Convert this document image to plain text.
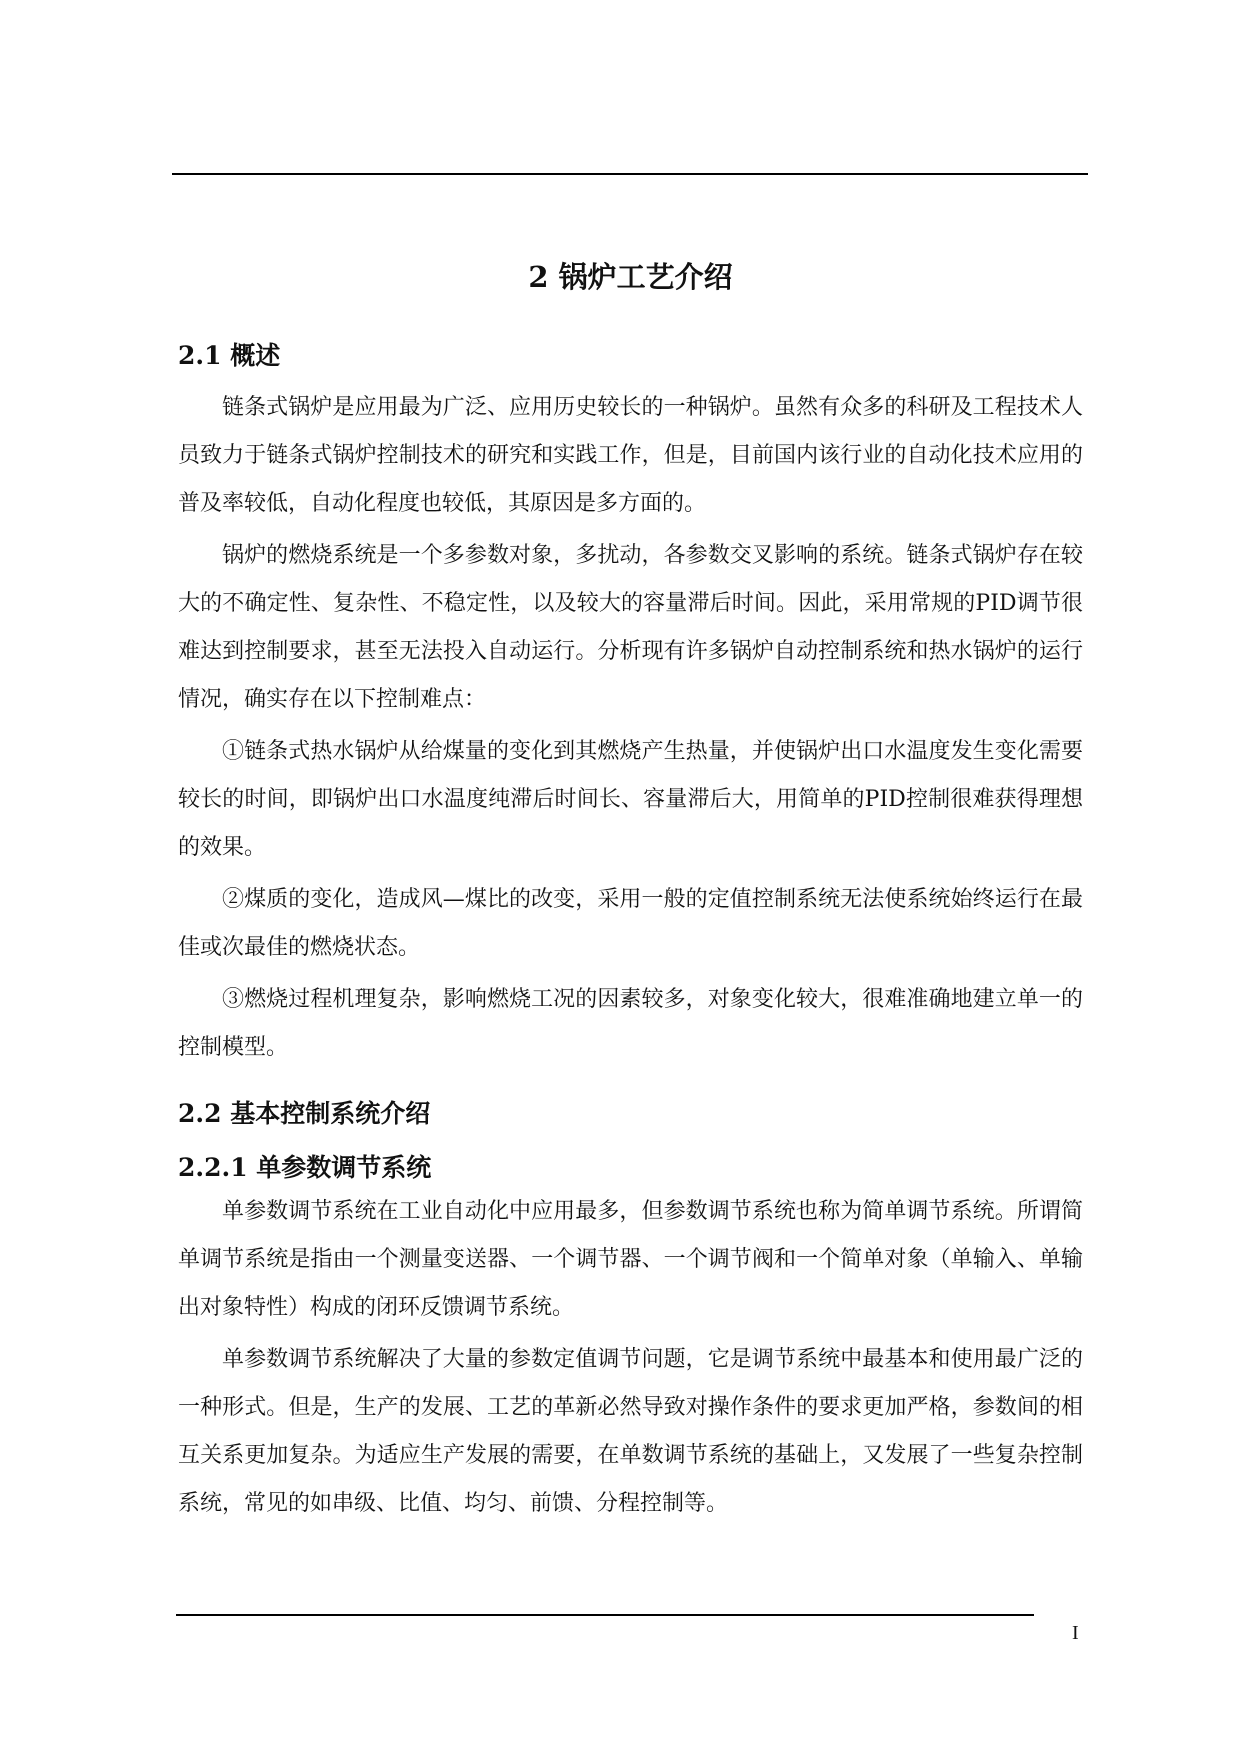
2 锅炉工艺介绍
2.1 概述

链条式锅炉是应用最为广泛、应用历史较长的一种锅炉。虽然有众多的科研及工程技术人员致力于链条式锅炉控制技术的研究和实践工作，但是，目前国内该行业的自动化技术应用的普及率较低，自动化程度也较低，其原因是多方面的。

锅炉的燃烧系统是一个多参数对象，多扰动，各参数交叉影响的系统。链条式锅炉存在较大的不确定性、复杂性、不稳定性，以及较大的容量滞后时间。因此，采用常规的PID调节很难达到控制要求，甚至无法投入自动运行。分析现有许多锅炉自动控制系统和热水锅炉的运行情况，确实存在以下控制难点：

①链条式热水锅炉从给煤量的变化到其燃烧产生热量，并使锅炉出口水温度发生变化需要较长的时间，即锅炉出口水温度纯滞后时间长、容量滞后大，用简单的PID控制很难获得理想的效果。

②煤质的变化，造成风—煤比的改变，采用一般的定值控制系统无法使系统始终运行在最佳或次最佳的燃烧状态。

③燃烧过程机理复杂，影响燃烧工况的因素较多，对象变化较大，很难准确地建立单一的控制模型。

2.2 基本控制系统介绍
2.2.1 单参数调节系统

单参数调节系统在工业自动化中应用最多，但参数调节系统也称为简单调节系统。所谓简单调节系统是指由一个测量变送器、一个调节器、一个调节阀和一个简单对象（单输入、单输出对象特性）构成的闭环反馈调节系统。

单参数调节系统解决了大量的参数定值调节问题，它是调节系统中最基本和使用最广泛的一种形式。但是，生产的发展、工艺的革新必然导致对操作条件的要求更加严格，参数间的相互关系更加复杂。为适应生产发展的需要，在单数调节系统的基础上，又发展了一些复杂控制系统，常见的如串级、比值、均匀、前馈、分程控制等。

I
